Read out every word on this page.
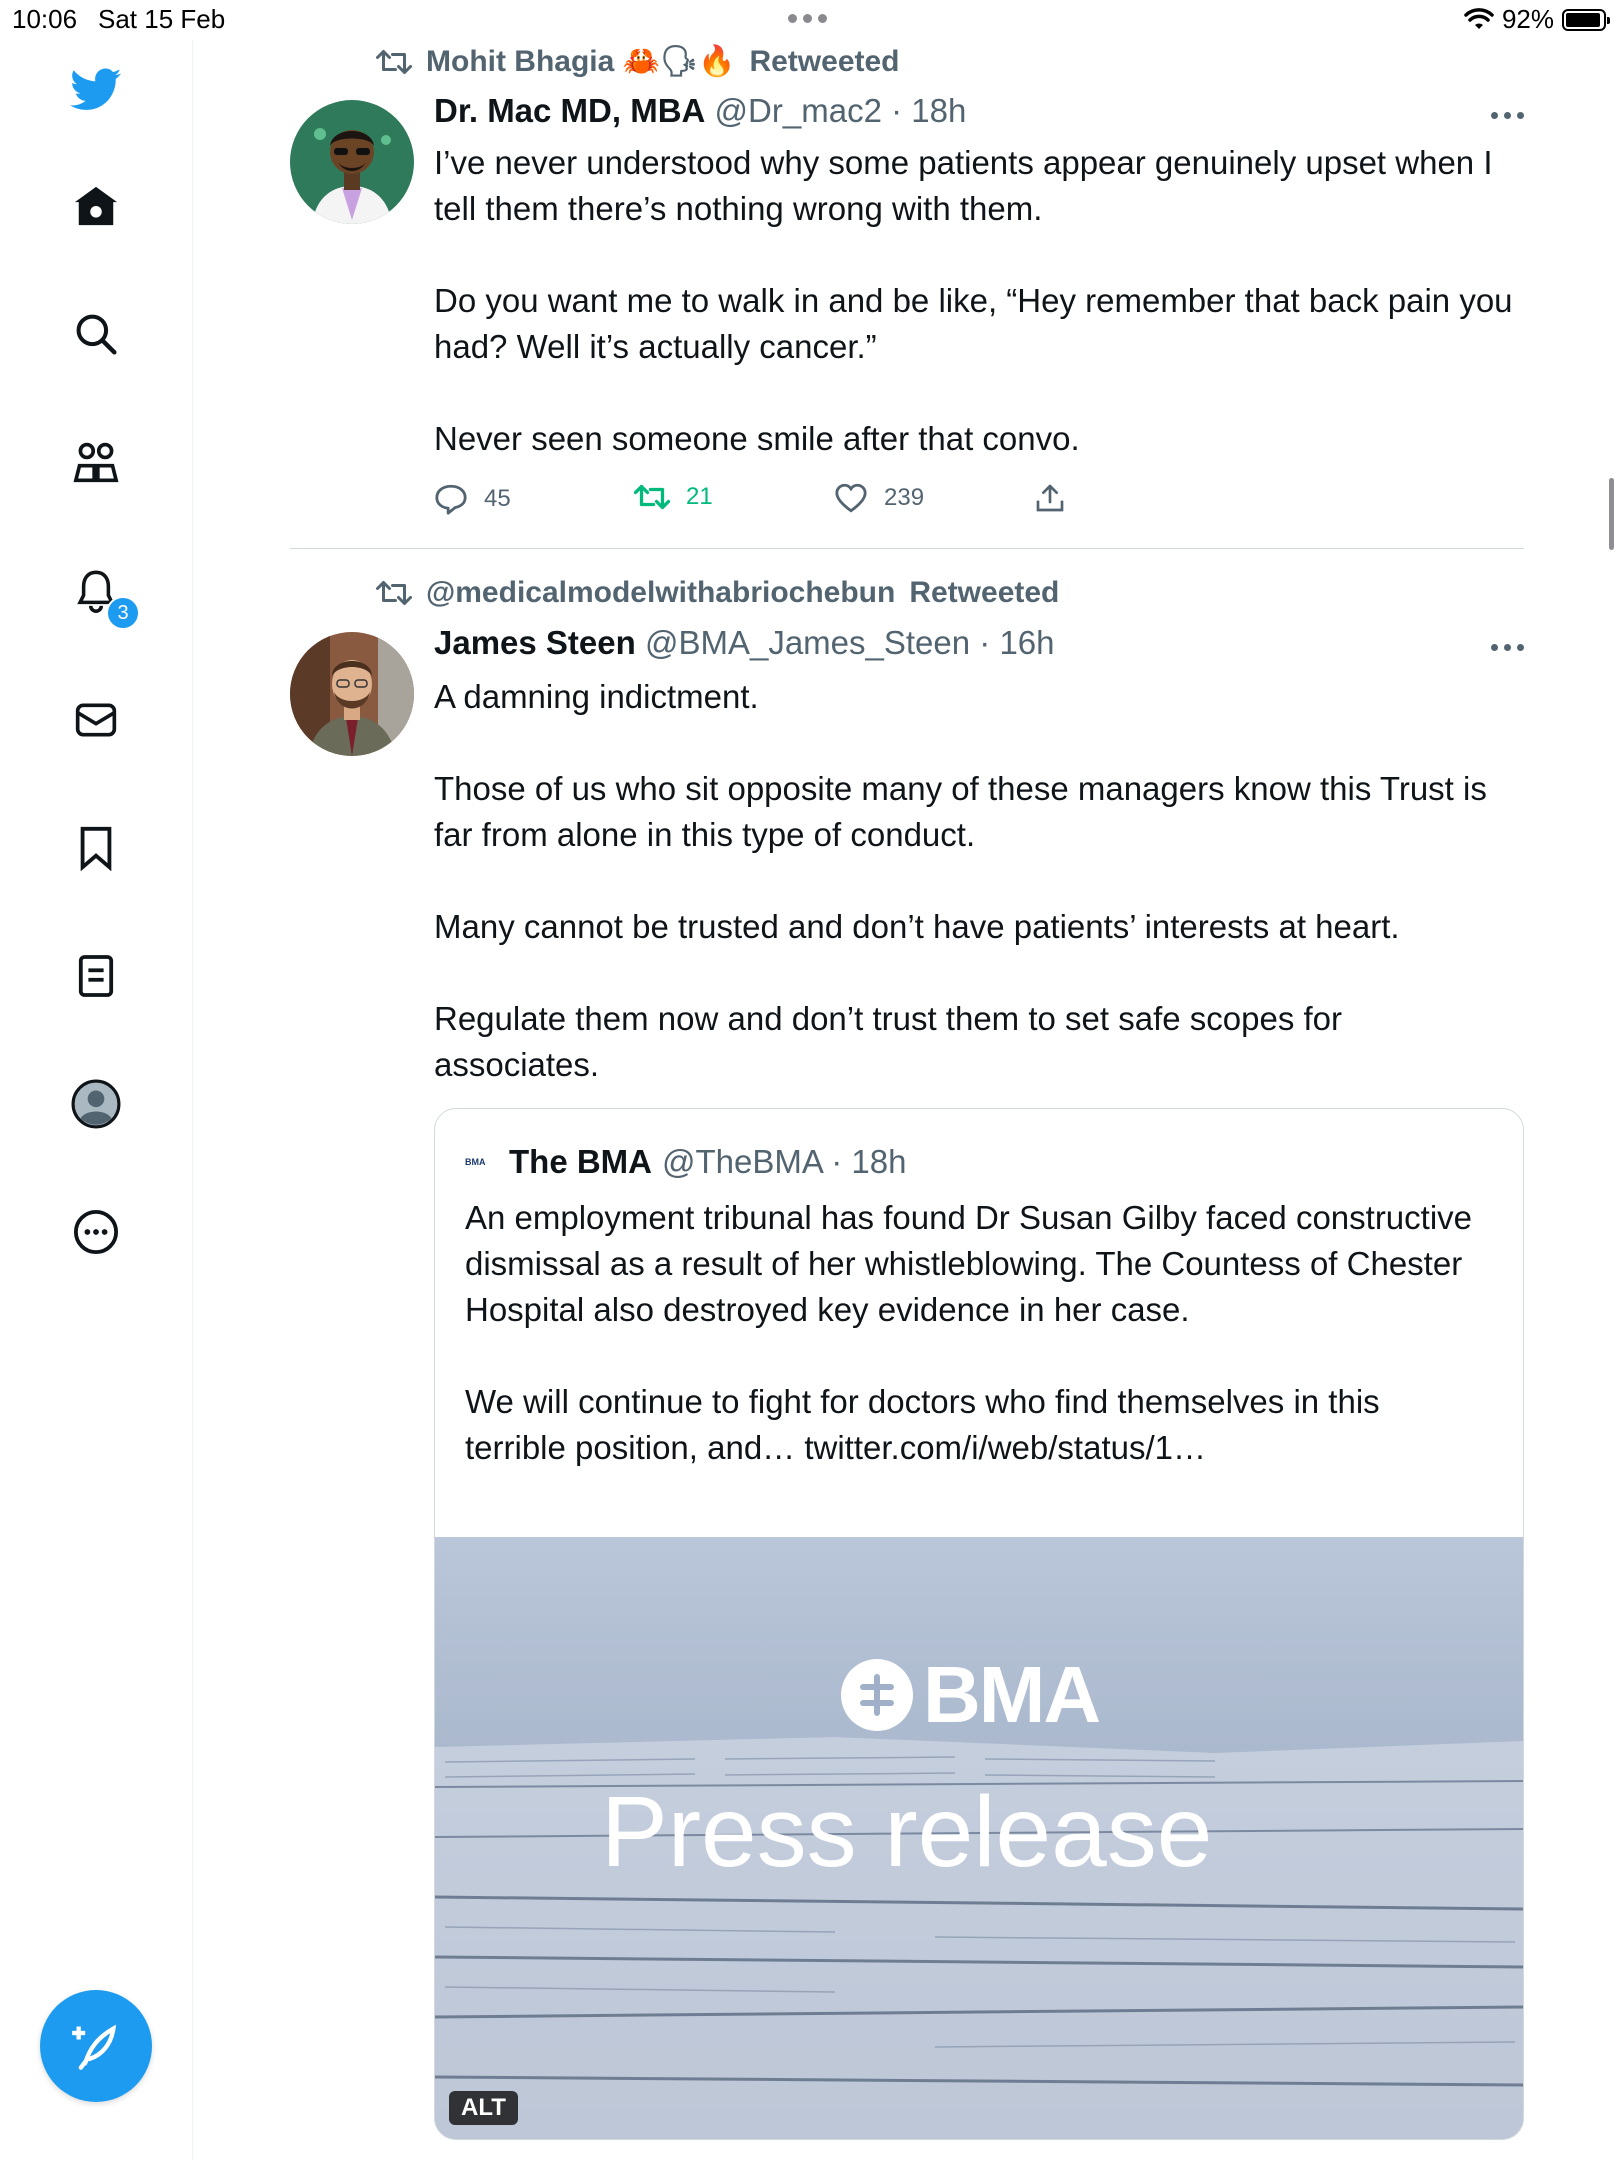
10:06 Sat 15 Feb	92%
3
Mohit Bhagia 🦀🗣🔥 Retweeted
Dr. Mac MD, MBA @Dr_mac2 · 18h
I’ve never understood why some patients appear genuinely upset when I tell them there’s nothing wrong with them.

Do you want me to walk in and be like, “Hey remember that back pain you had? Well it’s actually cancer.”

Never seen someone smile after that convo.
45	21	239
@medicalmodelwithabriochebun Retweeted
James Steen @BMA_James_Steen · 16h
A damning indictment.

Those of us who sit opposite many of these managers know this Trust is far from alone in this type of conduct.

Many cannot be trusted and don’t have patients’ interests at heart.

Regulate them now and don’t trust them to set safe scopes for associates.
BMA The BMA @TheBMA · 18h
An employment tribunal has found Dr Susan Gilby faced constructive dismissal as a result of her whistleblowing. The Countess of Chester Hospital also destroyed key evidence in her case.

We will continue to fight for doctors who find themselves in this terrible position, and… twitter.com/i/web/status/1…
BMA
Press release
ALT
